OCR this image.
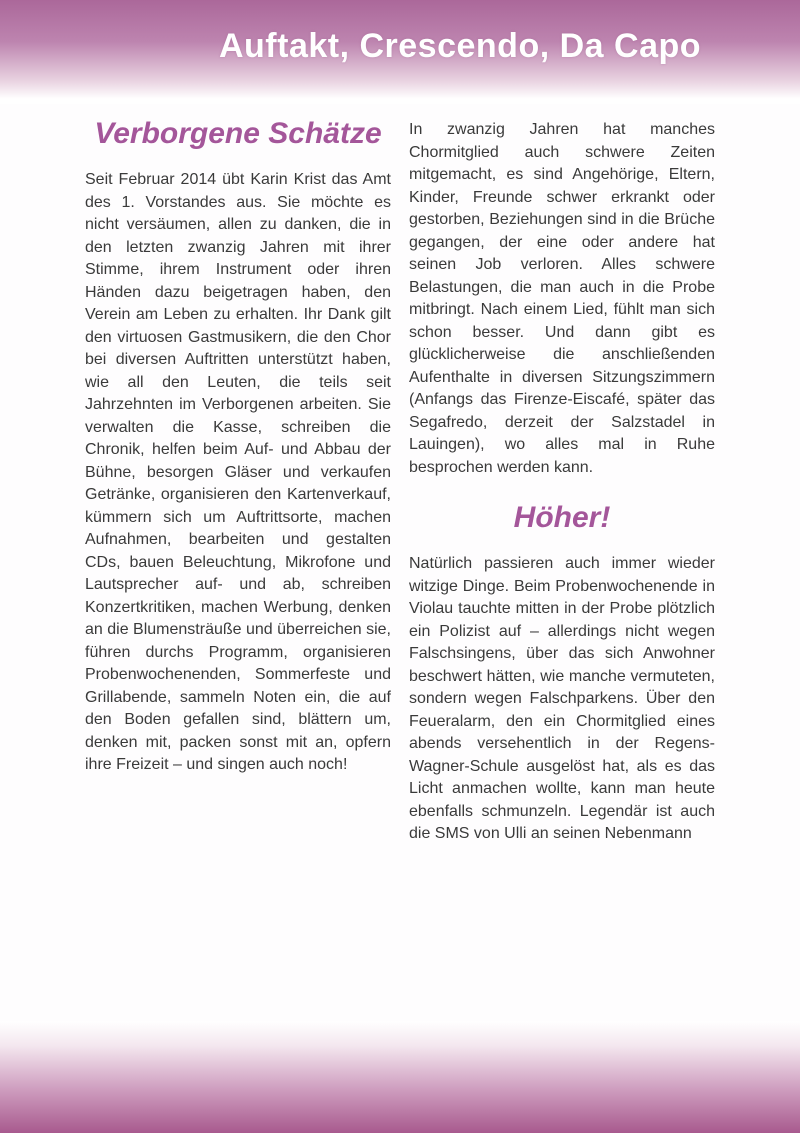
Auftakt, Crescendo, Da Capo
Verborgene Schätze

Seit Februar 2014 übt Karin Krist das Amt des 1. Vorstandes aus. Sie möchte es nicht versäumen, allen zu danken, die in den letzten zwanzig Jahren mit ihrer Stimme, ihrem Instrument oder ihren Händen dazu beigetragen haben, den Verein am Leben zu erhalten. Ihr Dank gilt den virtuosen Gastmusikern, die den Chor bei diversen Auftritten unterstützt haben, wie all den Leuten, die teils seit Jahrzehnten im Verborgenen arbeiten. Sie verwalten die Kasse, schreiben die Chronik, helfen beim Auf- und Abbau der Bühne, besorgen Gläser und verkaufen Getränke, organisieren den Kartenverkauf, kümmern sich um Auftrittsorte, machen Aufnahmen, bearbeiten und gestalten CDs, bauen Beleuchtung, Mikrofone und Lautsprecher auf- und ab, schreiben Konzertkritiken, machen Werbung, denken an die Blumensträuße und überreichen sie, führen durchs Programm, organisieren Probenwochenenden, Sommerfeste und Grillabende, sammeln Noten ein, die auf den Boden gefallen sind, blättern um, denken mit, packen sonst mit an, opfern ihre Freizeit – und singen auch noch!

In zwanzig Jahren hat manches Chormitglied auch schwere Zeiten mitgemacht, es sind Angehörige, Eltern, Kinder, Freunde schwer erkrankt oder gestorben, Beziehungen sind in die Brüche gegangen, der eine oder andere hat seinen Job verloren. Alles schwere Belastungen, die man auch in die Probe mitbringt. Nach einem Lied, fühlt man sich schon besser. Und dann gibt es glücklicherweise die anschließenden Aufenthalte in diversen Sitzungszimmern (Anfangs das Firenze-Eiscafé, später das Segafredo, derzeit der Salzstadel in Lauingen), wo alles mal in Ruhe besprochen werden kann.

Höher!

Natürlich passieren auch immer wieder witzige Dinge. Beim Probenwochenende in Violau tauchte mitten in der Probe plötzlich ein Polizist auf – allerdings nicht wegen Falschsingens, über das sich Anwohner beschwert hätten, wie manche vermuteten, sondern wegen Falschparkens. Über den Feueralarm, den ein Chormitglied eines abends versehentlich in der Regens-Wagner-Schule ausgelöst hat, als es das Licht anmachen wollte, kann man heute ebenfalls schmunzeln. Legendär ist auch die SMS von Ulli an seinen Nebenmann
